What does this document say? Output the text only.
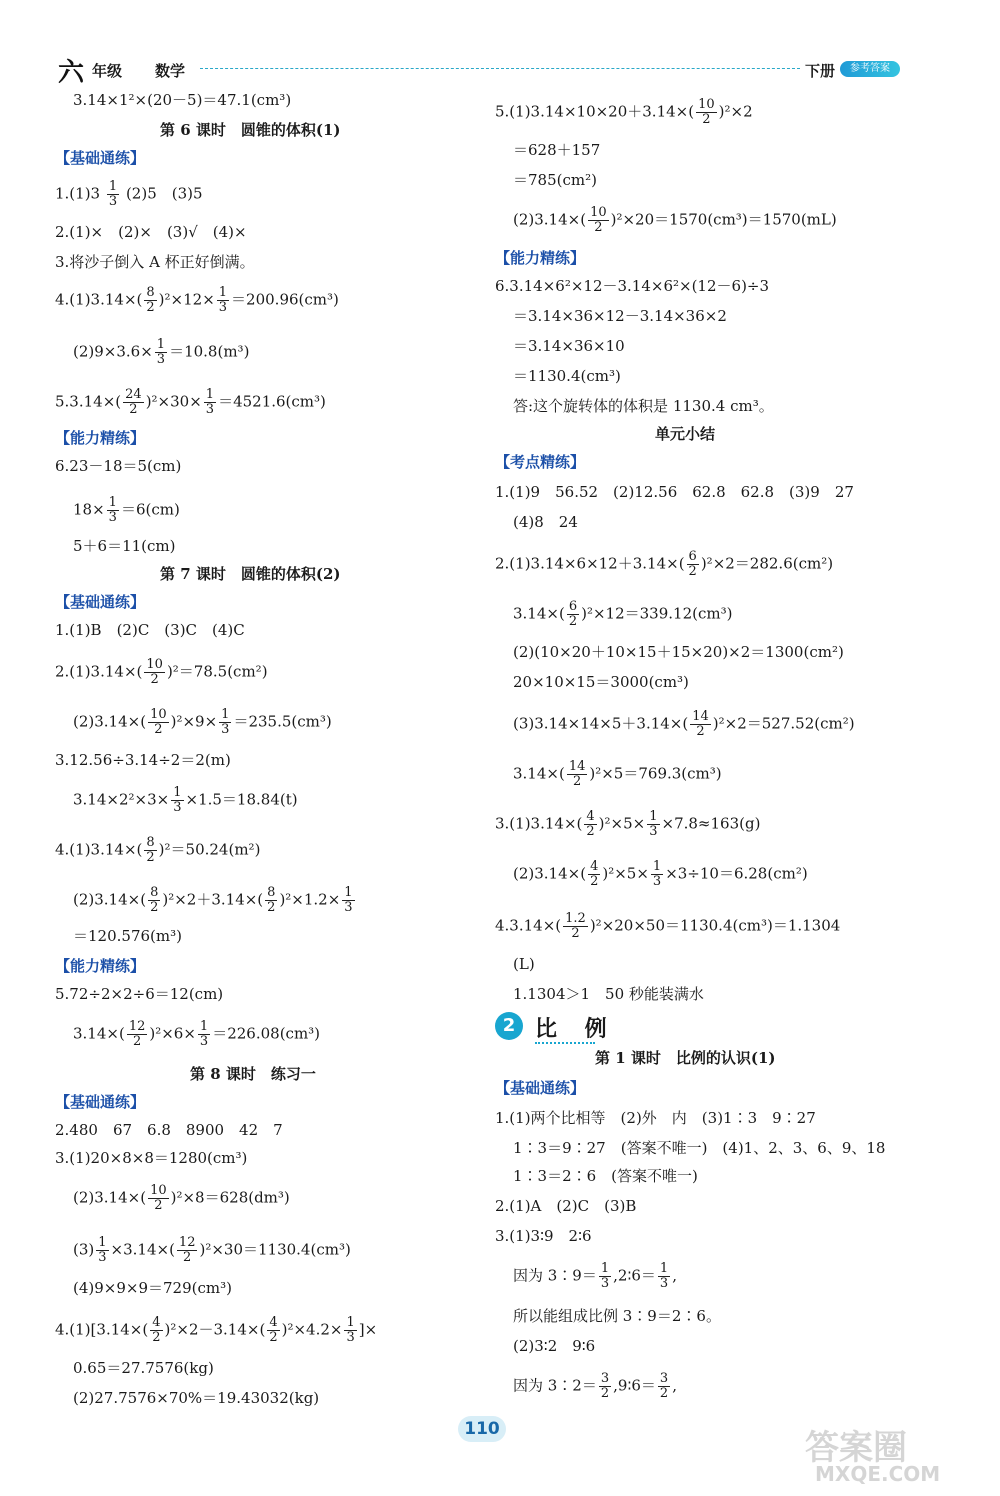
六 年级 数学	下册	参考答案
3.14×1²×(20－5)＝47.1(cm³)
第 6 课时　圆锥的体积(1)
【基础通练】
$1.(1)3 \frac{1}{3} (2)5$　(3)5
2.(1)×　(2)×　(3)√　(4)×
3.将沙子倒入 A 杯正好倒满。
$4.(1)3.14\times( \frac{8}{2} )^2\times 12\times \frac{1}{3} =200.96(cm^3)$
$(2)9\times 3.6\times \frac{1}{3} =10.8(m^3)$
$5.3.14\times( \frac{24}{2} )^2\times 30\times \frac{1}{3} =4521.6(cm^3)$
【能力精练】
6.23－18＝5(cm)
$18\times \frac{1}{3} =6(cm)$
5＋6＝11(cm)
第 7 课时　圆锥的体积(2)
【基础通练】
1.(1)B　(2)C　(3)C　(4)C
$2.(1)3.14\times( \frac{10}{2} )^2=78.5(cm^2)$
$(2)3.14\times( \frac{10}{2} )^2\times 9\times \frac{1}{3} =235.5(cm^3)$
3.12.56÷3.14÷2＝2(m)
$3.14\times 2^2\times 3\times \frac{1}{3} \times 1.5=18.84(t)$
$4.(1)3.14\times( \frac{8}{2} )^2=50.24(m^2)$
$(2)3.14\times( \frac{8}{2} )^2\times 2+3.14\times( \frac{8}{2} )^2\times 1.2\times \frac{1}{3}$
＝120.576(m³)
【能力精练】
5.72÷2×2÷6＝12(cm)
$3.14\times( \frac{12}{2} )^2\times 6\times \frac{1}{3} =226.08(cm^3)$
第 8 课时　练习一
【基础通练】
2.480　67　6.8　8900　42　7
3.(1)20×8×8＝1280(cm³)
$(2)3.14\times( \frac{10}{2} )^2\times 8=628(dm^3)$
$(3) \frac{1}{3} \times 3.14\times( \frac{12}{2} )^2\times 30=1130.4(cm^3)$
(4)9×9×9＝729(cm³)
$4.(1)[3.14\times( \frac{4}{2} )^2\times 2-3.14\times( \frac{4}{2} )^2\times 4.2\times \frac{1}{3}$ ]×
0.65＝27.7576(kg)
(2)27.7576×70%＝19.43032(kg)
$5.(1)3.14\times 10\times 20+3.14\times( \frac{10}{2} )^2\times 2$
＝628＋157
＝785(cm²)
$(2)3.14\times( \frac{10}{2} )^2\times 20=1570(cm^3)=1570(mL)$
【能力精练】
6.3.14×6²×12－3.14×6²×(12－6)÷3
＝3.14×36×12－3.14×36×2
＝3.14×36×10
＝1130.4(cm³)
答:这个旋转体的体积是 1130.4 cm³。
单元小结
【考点精练】
1.(1)9　56.52　(2)12.56　62.8　62.8　(3)9　27
(4)8　24
$2.(1)3.14\times 6\times 12+3.14\times( \frac{6}{2} )^2\times 2=282.6(cm^2)$
$3.14\times( \frac{6}{2} )^2\times 12=339.12(cm^3)$
(2)(10×20＋10×15＋15×20)×2＝1300(cm²)
20×10×15＝3000(cm³)
$(3)3.14\times 14\times 5+3.14\times( \frac{14}{2} )^2\times 2=527.52(cm^2)$
$3.14\times( \frac{14}{2} )^2\times 5=769.3(cm^3)$
$3.(1)3.14\times( \frac{4}{2} )^2\times 5\times \frac{1}{3} \times 7.8\approx 163(g)$
$(2)3.14\times( \frac{4}{2} )^2\times 5\times \frac{1}{3} \times 3\div 10=6.28(cm^2)$
$4.3.14\times( \frac{1.2}{2} )^2\times 20\times 50=1130.4(cm^3)=1.1304$
(L)
1.1304＞1　50 秒能装满水
第 1 课时　比例的认识(1)
【基础通练】
1.(1)两个比相等　(2)外　内　(3)1∶3　9∶27
1∶3＝9∶27　(答案不唯一)　(4)1、2、3、6、9、18
1∶3＝2∶6　(答案不唯一)
2.(1)A　(2)C　(3)B
3.(1)3∶9　2∶6
因为 3∶9＝ $\frac{1}{3}$ ,2∶6＝ $\frac{1}{3}$ ,
所以能组成比例 3∶9＝2∶6。
(2)3∶2　9∶6
因为 3∶2＝ $\frac{3}{2}$ ,9∶6＝ $\frac{3}{2}$ ,
2 比 例
110	答案圈
MXQE.COM
